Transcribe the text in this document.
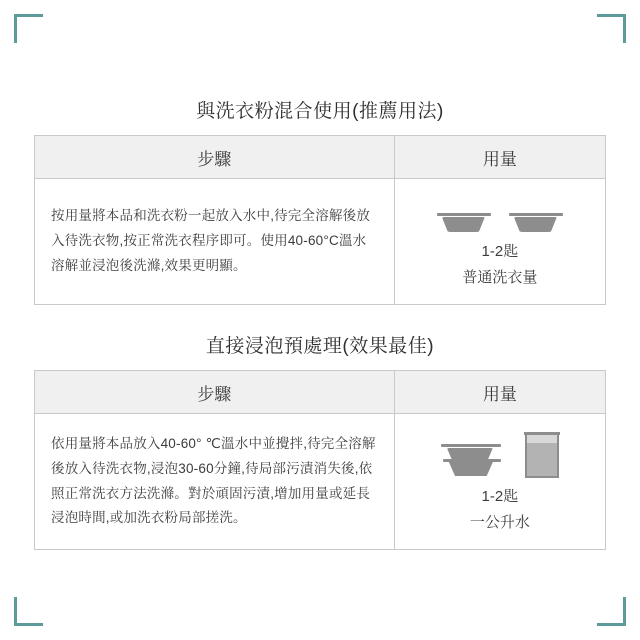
與洗衣粉混合使用(推薦用法)
步驟	用量
按用量將本品和洗衣粉一起放入水中,待完全溶解後放入待洗衣物,按正常洗衣程序即可。使用40-60°C溫水溶解並浸泡後洗滌,效果更明顯。	1-2匙
普通洗衣量
直接浸泡預處理(效果最佳)
步驟	用量
依用量將本品放入40-60° ℃溫水中並攪拌,待完全溶解後放入待洗衣物,浸泡30-60分鐘,待局部污漬消失後,依照正常洗衣方法洗滌。對於頑固污漬,增加用量或延長浸泡時間,或加洗衣粉局部搓洗。	1-2匙
一公升水
